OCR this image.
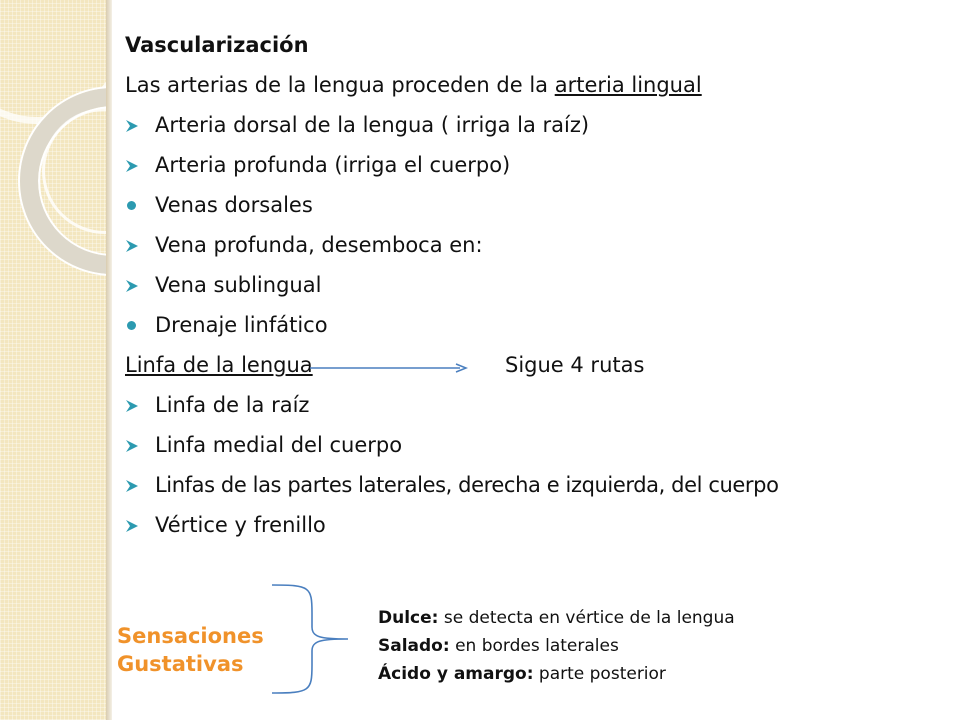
Vascularización
Las arterias de la lengua proceden de la arteria lingual
Arteria dorsal de la lengua ( irriga la raíz)
Arteria profunda (irriga el cuerpo)
Venas dorsales
Vena profunda, desemboca en:
Vena sublingual
Drenaje linfático
Linfa de la lengua	Sigue 4 rutas
Linfa de la raíz
Linfa medial del cuerpo
Linfas de las partes laterales, derecha e izquierda, del cuerpo
Vértice y frenillo
Sensaciones
Gustativas
Dulce: se detecta en vértice de la lengua
Salado: en bordes laterales
Ácido y amargo: parte posterior
